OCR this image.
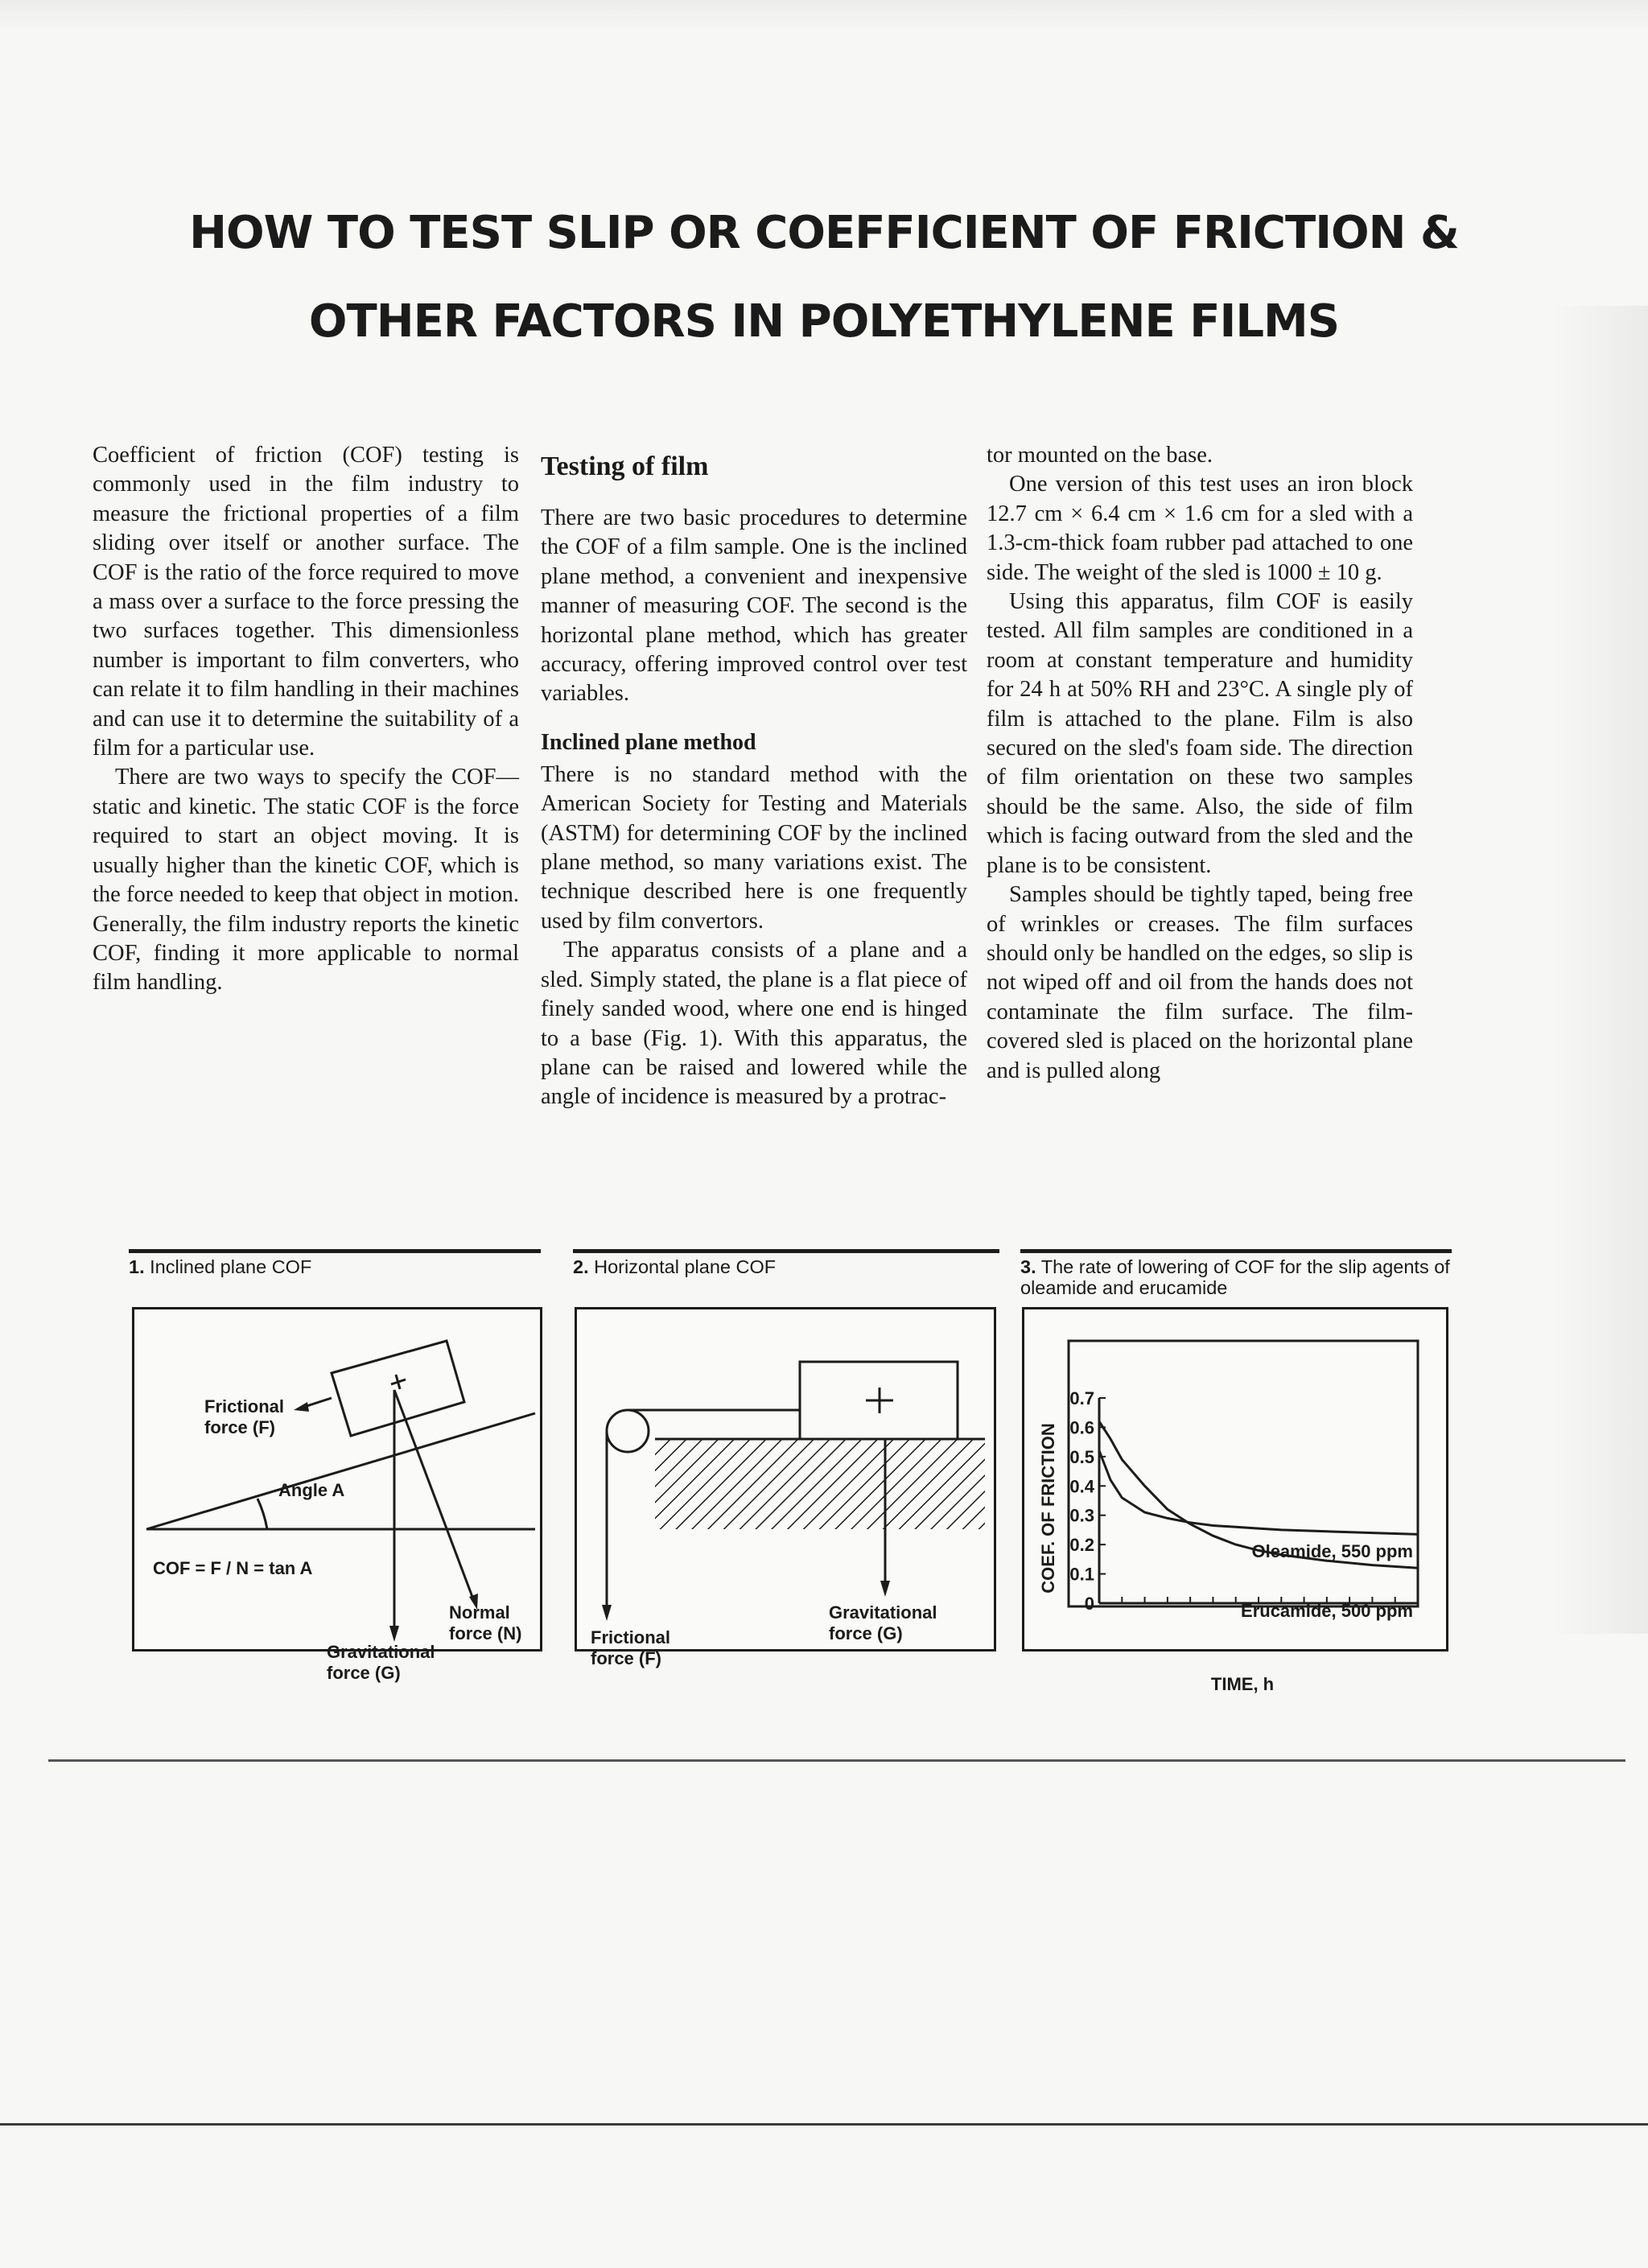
HOW TO TEST SLIP OR COEFFICIENT OF FRICTION &
OTHER FACTORS IN POLYETHYLENE FILMS

Coefficient of friction (COF) testing is commonly used in the film industry to measure the frictional properties of a film sliding over itself or another surface. The COF is the ratio of the force required to move a mass over a surface to the force pressing the two surfaces together. This dimensionless number is important to film converters, who can relate it to film handling in their machines and can use it to determine the suitability of a film for a particular use.

There are two ways to specify the COF—static and kinetic. The static COF is the force required to start an object moving. It is usually higher than the kinetic COF, which is the force needed to keep that object in motion. Generally, the film industry reports the kinetic COF, finding it more applicable to normal film handling.

Testing of film

There are two basic procedures to determine the COF of a film sample. One is the inclined plane method, a convenient and inexpensive manner of measuring COF. The second is the horizontal plane method, which has greater accuracy, offering improved control over test variables.

Inclined plane method

There is no standard method with the American Society for Testing and Materials (ASTM) for determining COF by the inclined plane method, so many variations exist. The technique described here is one frequently used by film convertors.

The apparatus consists of a plane and a sled. Simply stated, the plane is a flat piece of finely sanded wood, where one end is hinged to a base (Fig. 1). With this apparatus, the plane can be raised and lowered while the angle of incidence is measured by a protrac-

tor mounted on the base.

One version of this test uses an iron block 12.7 cm × 6.4 cm × 1.6 cm for a sled with a 1.3-cm-thick foam rubber pad attached to one side. The weight of the sled is 1000 ± 10 g.

Using this apparatus, film COF is easily tested. All film samples are conditioned in a room at constant temperature and humidity for 24 h at 50% RH and 23°C. A single ply of film is attached to the plane. Film is also secured on the sled's foam side. The direction of film orientation on these two samples should be the same. Also, the side of film which is facing outward from the sled and the plane is to be consistent.

Samples should be tightly taped, being free of wrinkles or creases. The film surfaces should only be handled on the edges, so slip is not wiped off and oil from the hands does not contaminate the film surface. The film-covered sled is placed on the horizontal plane and is pulled along

1. Inclined plane COF
Frictional
force (F)
Angle A
COF = F / N = tan A
Normal
force (N)
Gravitational
force (G)
2. Horizontal plane COF
Frictional
force (F)
Gravitational
force (G)
3. The rate of lowering of COF for the slip agents of oleamide and erucamide
0
0.1
0.2
0.3
0.4
0.5
0.6
0.7
Oleamide, 550 ppm
Erucamide, 500 ppm
TIME, h
COEF. OF FRICTION
